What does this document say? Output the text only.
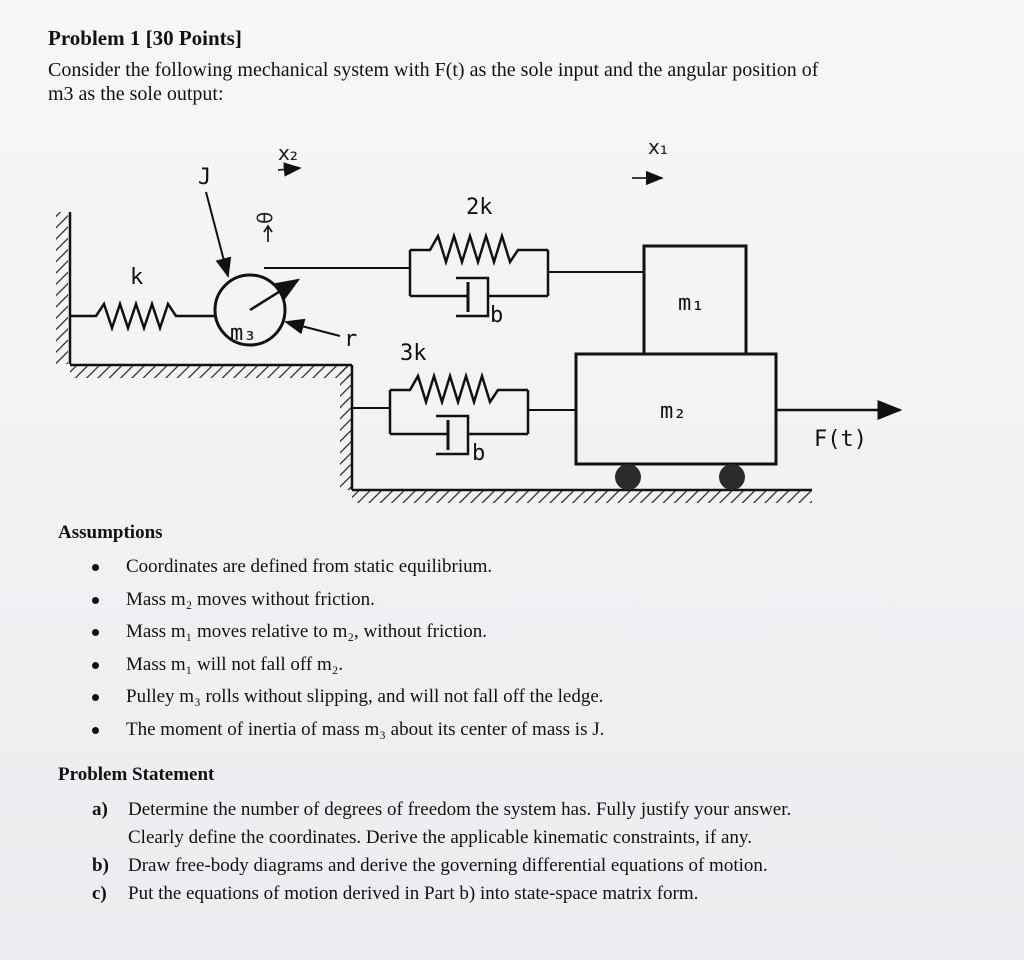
Problem 1 [30 Points]
Consider the following mechanical system with F(t) as the sole input and the angular position of
m3 as the sole output:
k
m₃	r
J
θ
x₂	x₁
2k
b	m₁
m₂
3k
b
F(t)
Assumptions
Coordinates are defined from static equilibrium.
Mass m₂ moves without friction.
Mass m₁ moves relative to m₂, without friction.
Mass m₁ will not fall off m₂.
Pulley m₃ rolls without slipping, and will not fall off the ledge.
The moment of inertia of mass m₃ about its center of mass is J.
Problem Statement
a) Determine the number of degrees of freedom the system has. Fully justify your answer.
Clearly define the coordinates. Derive the applicable kinematic constraints, if any.
b) Draw free-body diagrams and derive the governing differential equations of motion.
c) Put the equations of motion derived in Part b) into state-space matrix form.
